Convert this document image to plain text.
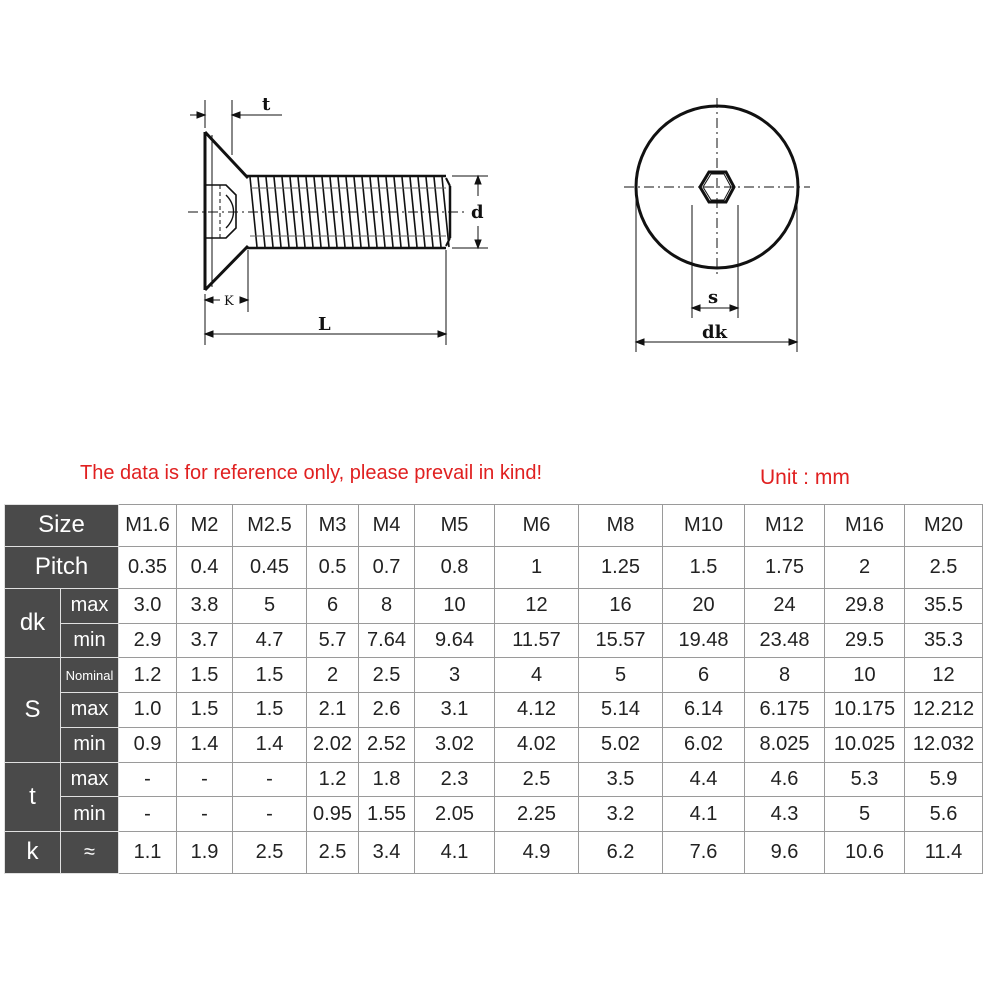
t
d
K
L
s
dk
The data is for reference only, please prevail in kind!	Unit : mm
Size		M1.6	M2	M2.5	M3	M4	M5	M6	M8	M10	M12	M16	M20
Pitch		0.35	0.4	0.45	0.5	0.7	0.8	1	1.25	1.5	1.75	2	2.5
dk	max	3.0	3.8	5	6	8	10	12	16	20	24	29.8	35.5
	min	2.9	3.7	4.7	5.7	7.64	9.64	11.57	15.57	19.48	23.48	29.5	35.3
S	Nominal	1.2	1.5	1.5	2	2.5	3	4	5	6	8	10	12
	max	1.0	1.5	1.5	2.1	2.6	3.1	4.12	5.14	6.14	6.175	10.175	12.212
	min	0.9	1.4	1.4	2.02	2.52	3.02	4.02	5.02	6.02	8.025	10.025	12.032
t	max	-	-	-	1.2	1.8	2.3	2.5	3.5	4.4	4.6	5.3	5.9
	min	-	-	-	0.95	1.55	2.05	2.25	3.2	4.1	4.3	5	5.6
k	≈	1.1	1.9	2.5	2.5	3.4	4.1	4.9	6.2	7.6	9.6	10.6	11.4
